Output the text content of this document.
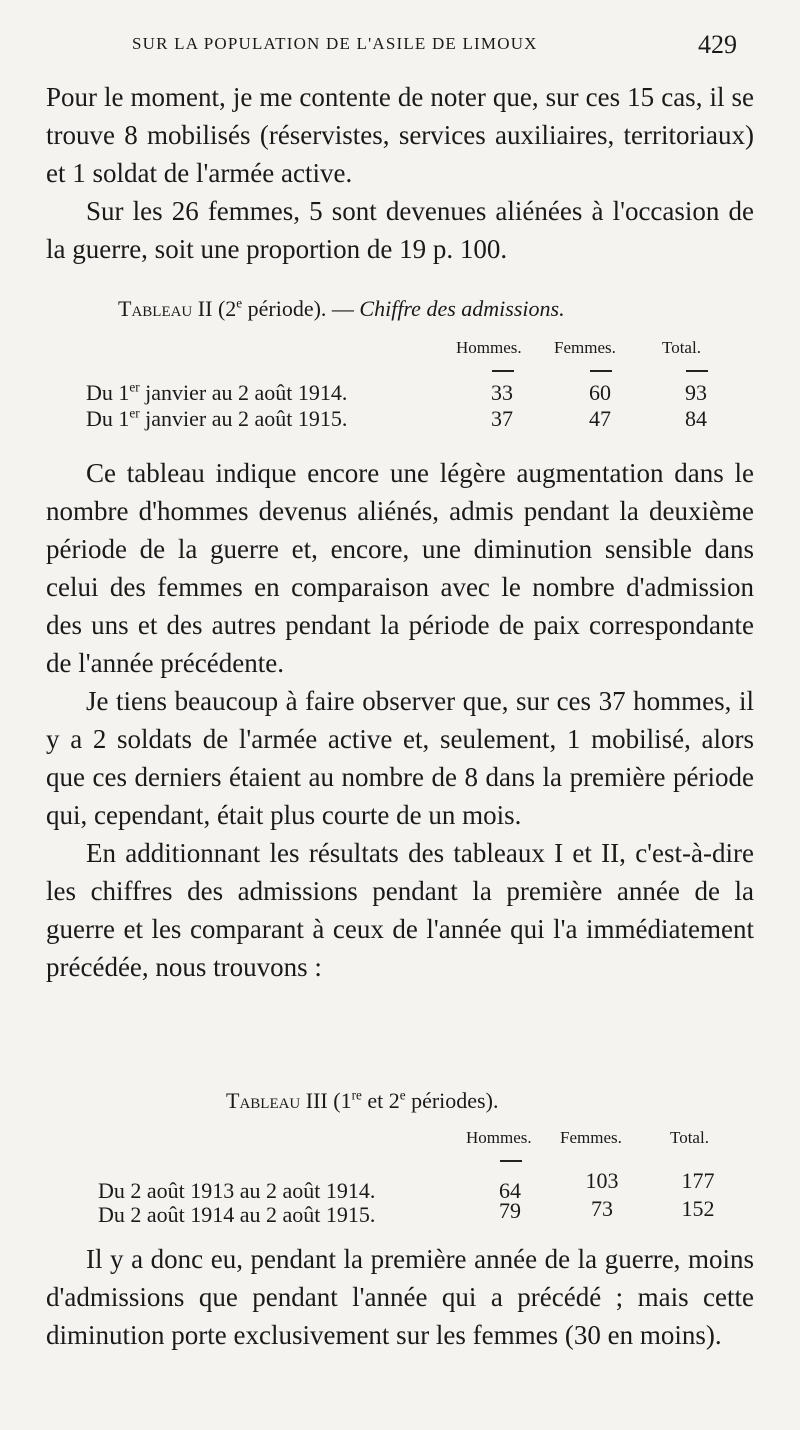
SUR LA POPULATION DE L'ASILE DE LIMOUX	429

Pour le moment, je me contente de noter que, sur ces 15 cas, il se trouve 8 mobilisés (réservistes, services auxiliaires, territoriaux) et 1 soldat de l'armée active.

Sur les 26 femmes, 5 sont devenues aliénées à l'occasion de la guerre, soit une proportion de 19 p. 100.

Tableau II (2e période). — Chiffre des admissions.
Hommes. Femmes.	Total.
Du 1er janvier au 2 août 1914.	33	60	93
Du 1er janvier au 2 août 1915.	37	47	84

Ce tableau indique encore une légère augmentation dans le nombre d'hommes devenus aliénés, admis pendant la deuxième période de la guerre et, encore, une diminution sensible dans celui des femmes en comparaison avec le nombre d'admission des uns et des autres pendant la période de paix correspondante de l'année précédente.

Je tiens beaucoup à faire observer que, sur ces 37 hommes, il y a 2 soldats de l'armée active et, seulement, 1 mobilisé, alors que ces derniers étaient au nombre de 8 dans la première période qui, cependant, était plus courte de un mois.

En additionnant les résultats des tableaux I et II, c'est-à-dire les chiffres des admissions pendant la première année de la guerre et les comparant à ceux de l'année qui l'a immédiatement précédée, nous trouvons :

Tableau III (1re et 2e périodes).
Hommes. Femmes.	Total.
Du 2 août 1913 au 2 août 1914.	64	103	177
Du 2 août 1914 au 2 août 1915.	79	73	152

Il y a donc eu, pendant la première année de la guerre, moins d'admissions que pendant l'année qui a précédé ; mais cette diminution porte exclusivement sur les femmes (30 en moins).
